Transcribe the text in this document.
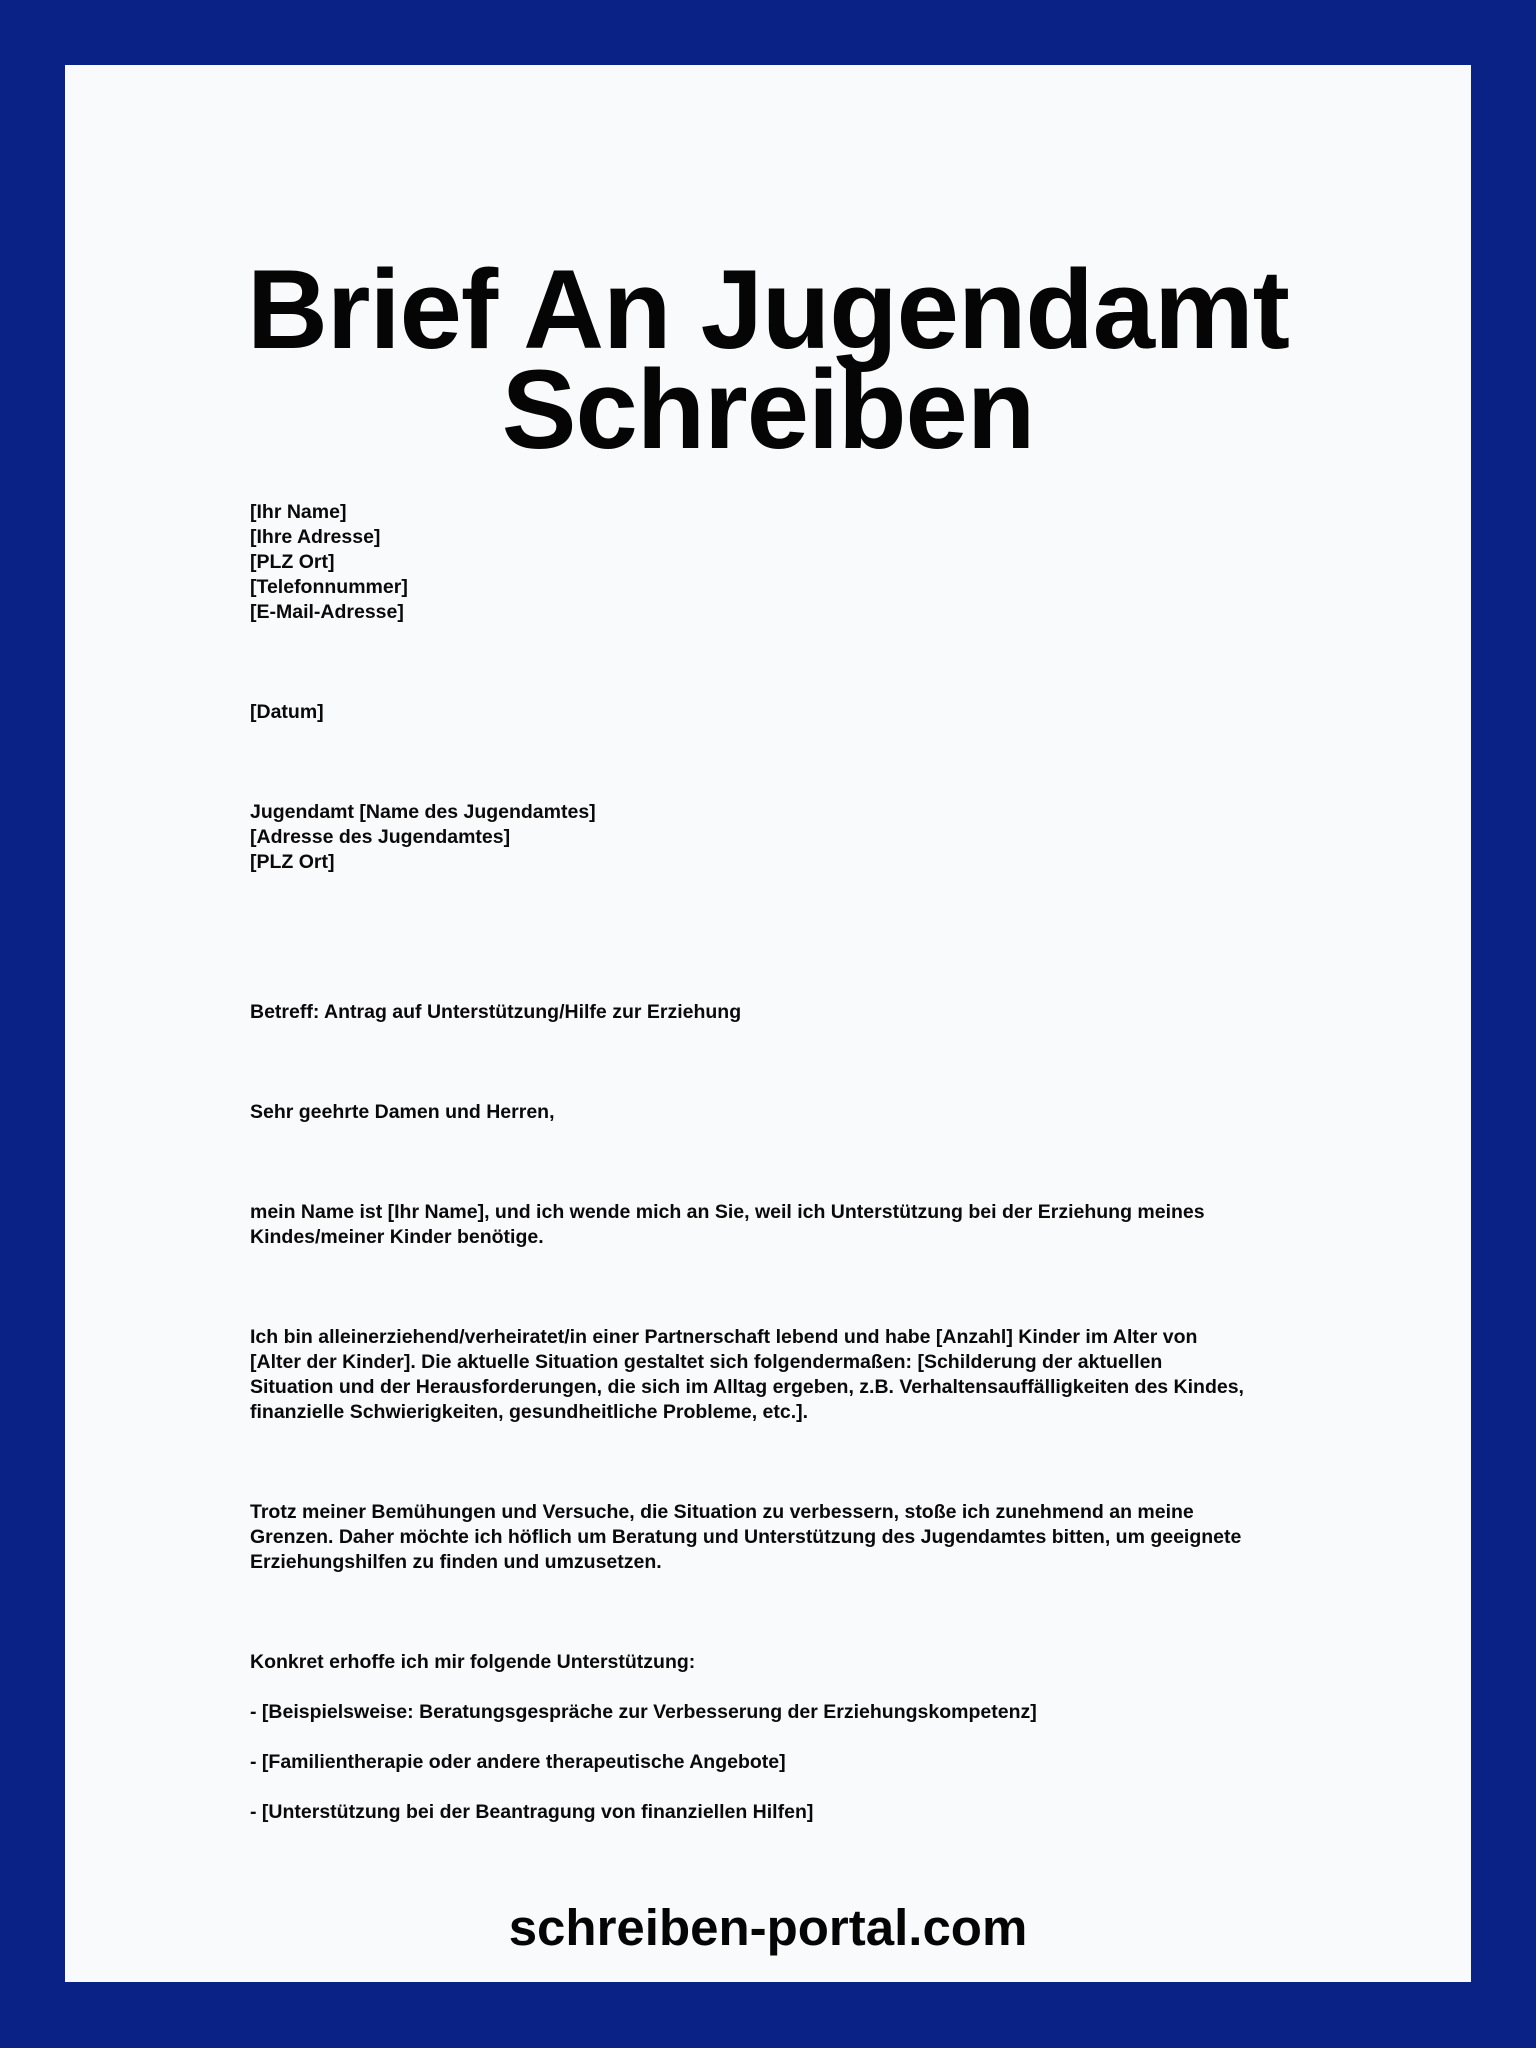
Brief An Jugendamt
Schreiben
[Ihr Name]
[Ihre Adresse]
[PLZ Ort]
[Telefonnummer]
[E-Mail-Adresse]
[Datum]
Jugendamt [Name des Jugendamtes]
[Adresse des Jugendamtes]
[PLZ Ort]
Betreff: Antrag auf Unterstützung/Hilfe zur Erziehung
Sehr geehrte Damen und Herren,
mein Name ist [Ihr Name], und ich wende mich an Sie, weil ich Unterstützung bei der Erziehung meines
Kindes/meiner Kinder benötige.
Ich bin alleinerziehend/verheiratet/in einer Partnerschaft lebend und habe [Anzahl] Kinder im Alter von
[Alter der Kinder]. Die aktuelle Situation gestaltet sich folgendermaßen: [Schilderung der aktuellen
Situation und der Herausforderungen, die sich im Alltag ergeben, z.B. Verhaltensauffälligkeiten des Kindes,
finanzielle Schwierigkeiten, gesundheitliche Probleme, etc.].
Trotz meiner Bemühungen und Versuche, die Situation zu verbessern, stoße ich zunehmend an meine
Grenzen. Daher möchte ich höflich um Beratung und Unterstützung des Jugendamtes bitten, um geeignete
Erziehungshilfen zu finden und umzusetzen.
Konkret erhoffe ich mir folgende Unterstützung:
- [Beispielsweise: Beratungsgespräche zur Verbesserung der Erziehungskompetenz]
- [Familientherapie oder andere therapeutische Angebote]
- [Unterstützung bei der Beantragung von finanziellen Hilfen]
schreiben-portal.com
